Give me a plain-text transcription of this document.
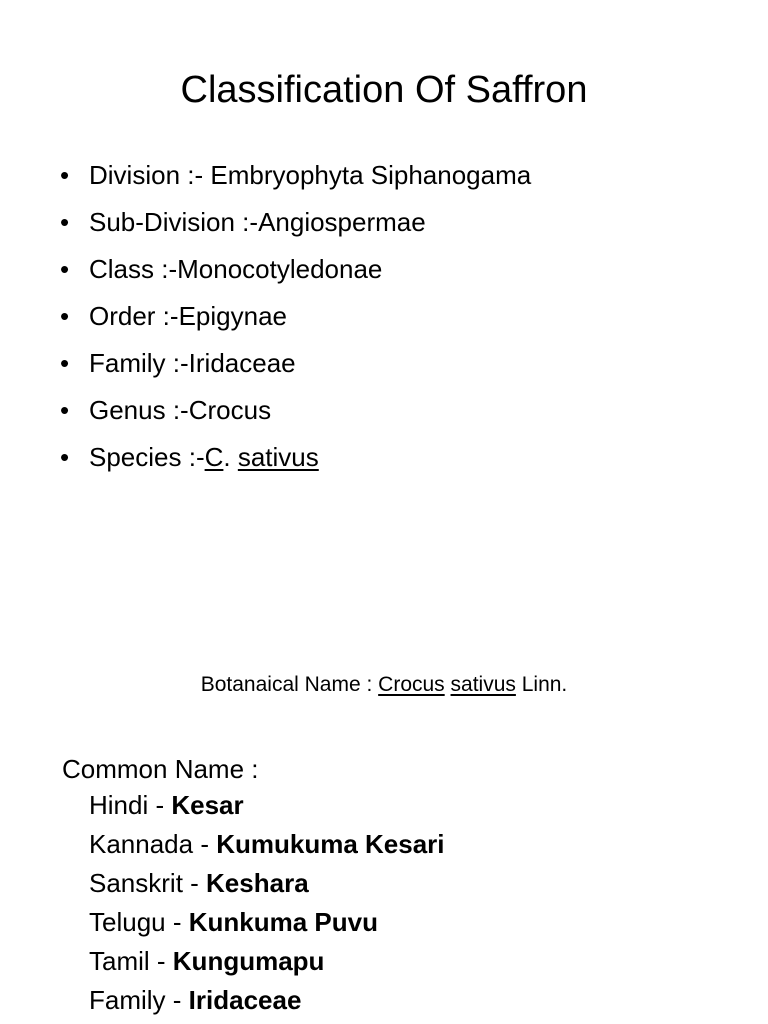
Classification Of Saffron
• Division :- Embryophyta Siphanogama
• Sub-Division :-Angiospermae
• Class :-Monocotyledonae
• Order :-Epigynae
• Family :-Iridaceae
• Genus :-Crocus
• Species :-C. sativus
Botanaical Name : Crocus sativus Linn.
Common Name :
Hindi - Kesar
Kannada - Kumukuma Kesari
Sanskrit - Keshara
Telugu - Kunkuma Puvu
Tamil - Kungumapu
Family - Iridaceae
